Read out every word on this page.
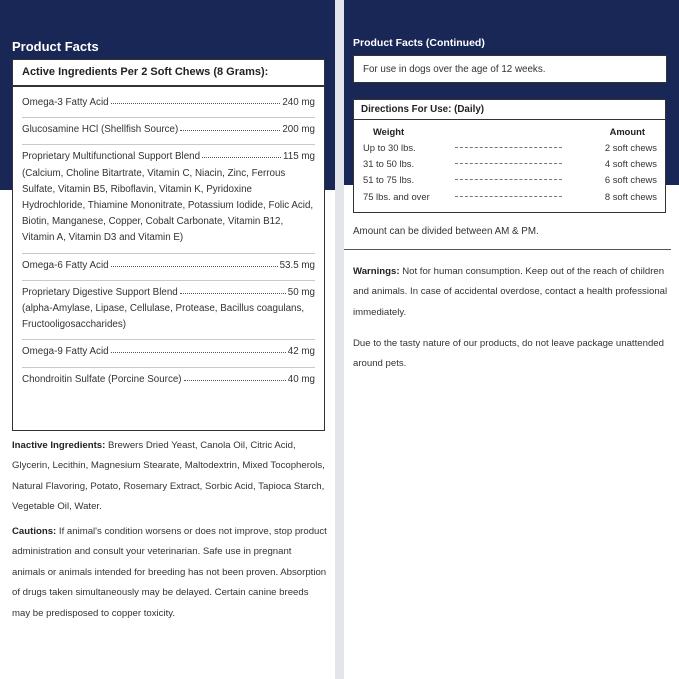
Product Facts
Active Ingredients Per 2 Soft Chews (8 Grams):
Omega-3 Fatty Acid	240 mg
Glucosamine HCl (Shellfish Source)	200 mg
Proprietary Multifunctional Support Blend	115 mg
(Calcium, Choline Bitartrate, Vitamin C, Niacin, Zinc, Ferrous Sulfate, Vitamin B5, Riboflavin, Vitamin K, Pyridoxine Hydrochloride, Thiamine Mononitrate, Potassium Iodide, Folic Acid, Biotin, Manganese, Copper, Cobalt Carbonate, Vitamin B12, Vitamin A, Vitamin D3 and Vitamin E)
Omega-6 Fatty Acid	53.5 mg
Proprietary Digestive Support Blend	50 mg
(alpha-Amylase, Lipase, Cellulase, Protease, Bacillus coagulans, Fructooligosaccharides)
Omega-9 Fatty Acid	42 mg
Chondroitin Sulfate (Porcine Source)	40 mg
Inactive Ingredients: Brewers Dried Yeast, Canola Oil, Citric Acid, Glycerin, Lecithin, Magnesium Stearate, Maltodextrin, Mixed Tocopherols, Natural Flavoring, Potato, Rosemary Extract, Sorbic Acid, Tapioca Starch, Vegetable Oil, Water.
Cautions: If animal's condition worsens or does not improve, stop product administration and consult your veterinarian. Safe use in pregnant animals or animals intended for breeding has not been proven. Absorption of drugs taken simultaneously may be delayed. Certain canine breeds may be predisposed to copper toxicity.
Product Facts (Continued)
For use in dogs over the age of 12 weeks.
Directions For Use: (Daily)
Weight	Amount
Up to 30 lbs.	2 soft chews
31 to 50 lbs.	4 soft chews
51 to 75 lbs.	6 soft chews
75 lbs. and over	8 soft chews
Amount can be divided between AM & PM.
Warnings: Not for human consumption. Keep out of the reach of children and animals. In case of accidental overdose, contact a health professional immediately.
Due to the tasty nature of our products, do not leave package unattended around pets.
